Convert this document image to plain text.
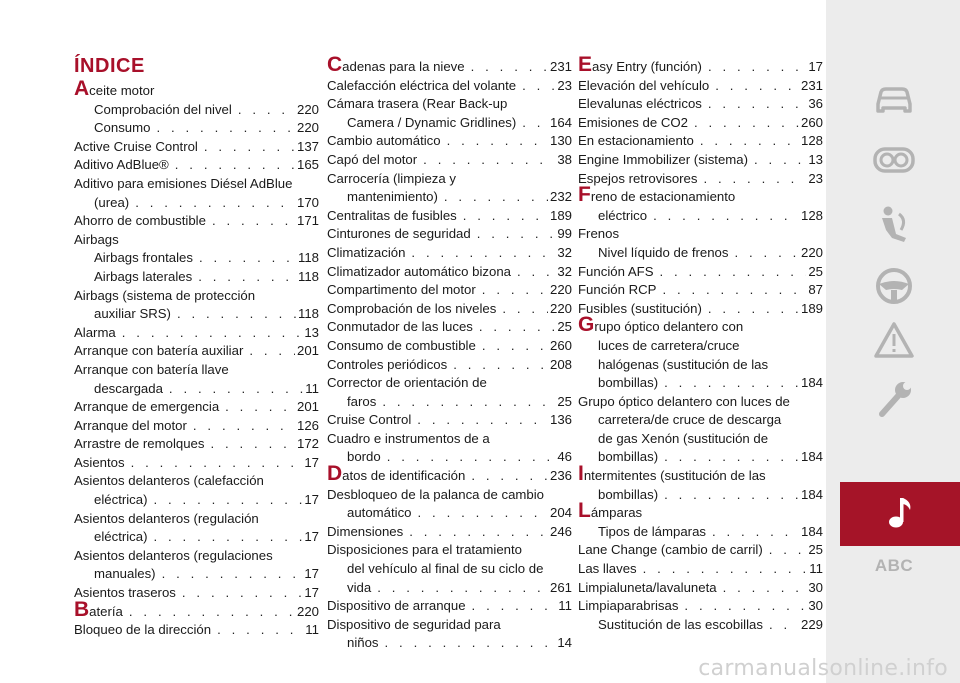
ÍNDICE
Aceite motor
Comprobación del nivel . . .	220
Consumo . . .	220
Active Cruise Control . . .	137
Aditivo AdBlue® . . .	165
Aditivo para emisiones Diésel AdBlue
(urea) . . .	170
Ahorro de combustible . . .	171
Airbags
Airbags frontales . . .	118
Airbags laterales . . .	118
Airbags (sistema de protección
auxiliar SRS) . . .	118
Alarma . . .	13
Arranque con batería auxiliar . . .	201
Arranque con batería llave
descargada . . .	11
Arranque de emergencia . . .	201
Arranque del motor . . .	126
Arrastre de remolques . . .	172
Asientos . . .	17
Asientos delanteros (calefacción
eléctrica) . . .	17
Asientos delanteros (regulación
eléctrica) . . .	17
Asientos delanteros (regulaciones
manuales) . . .	17
Asientos traseros . . .	17
Batería . . .	220
Bloqueo de la dirección . . .	11
Cadenas para la nieve . . .	231
Calefacción eléctrica del volante . . .	23
Cámara trasera (Rear Back-up
Camera / Dynamic Gridlines) . . .	164
Cambio automático . . .	130
Capó del motor . . .	38
Carrocería (limpieza y
mantenimiento) . . .	232
Centralitas de fusibles . . .	189
Cinturones de seguridad . . .	99
Climatización . . .	32
Climatizador automático bizona . . .	32
Compartimento del motor . . .	220
Comprobación de los niveles . . .	220
Conmutador de las luces . . .	25
Consumo de combustible . . .	260
Controles periódicos . . .	208
Corrector de orientación de
faros . . .	25
Cruise Control . . .	136
Cuadro e instrumentos de a
bordo . . .	46
Datos de identificación . . .	236
Desbloqueo de la palanca de cambio
automático . . .	204
Dimensiones . . .	246
Disposiciones para el tratamiento
del vehículo al final de su ciclo de
vida . . .	261
Dispositivo de arranque . . .	11
Dispositivo de seguridad para
niños . . .	14
Easy Entry (función) . . .	17
Elevación del vehículo . . .	231
Elevalunas eléctricos . . .	36
Emisiones de CO2 . . .	260
En estacionamiento . . .	128
Engine Immobilizer (sistema) . . .	13
Espejos retrovisores . . .	23
Freno de estacionamiento
eléctrico . . .	128
Frenos
Nivel líquido de frenos . . .	220
Función AFS . . .	25
Función RCP . . .	87
Fusibles (sustitución) . . .	189
Grupo óptico delantero con
luces de carretera/cruce
halógenas (sustitución de las
bombillas) . . .	184
Grupo óptico delantero con luces de
carretera/de cruce de descarga
de gas Xenón (sustitución de
bombillas) . . .	184
Intermitentes (sustitución de las
bombillas) . . .	184
Lámparas
Tipos de lámparas . . .	184
Lane Change (cambio de carril) . . .	25
Las llaves . . .	11
Limpialuneta/lavaluneta . . .	30
Limpiaparabrisas . . .	30
Sustitución de las escobillas . . .	229
ABC
carmanualsonline.info
